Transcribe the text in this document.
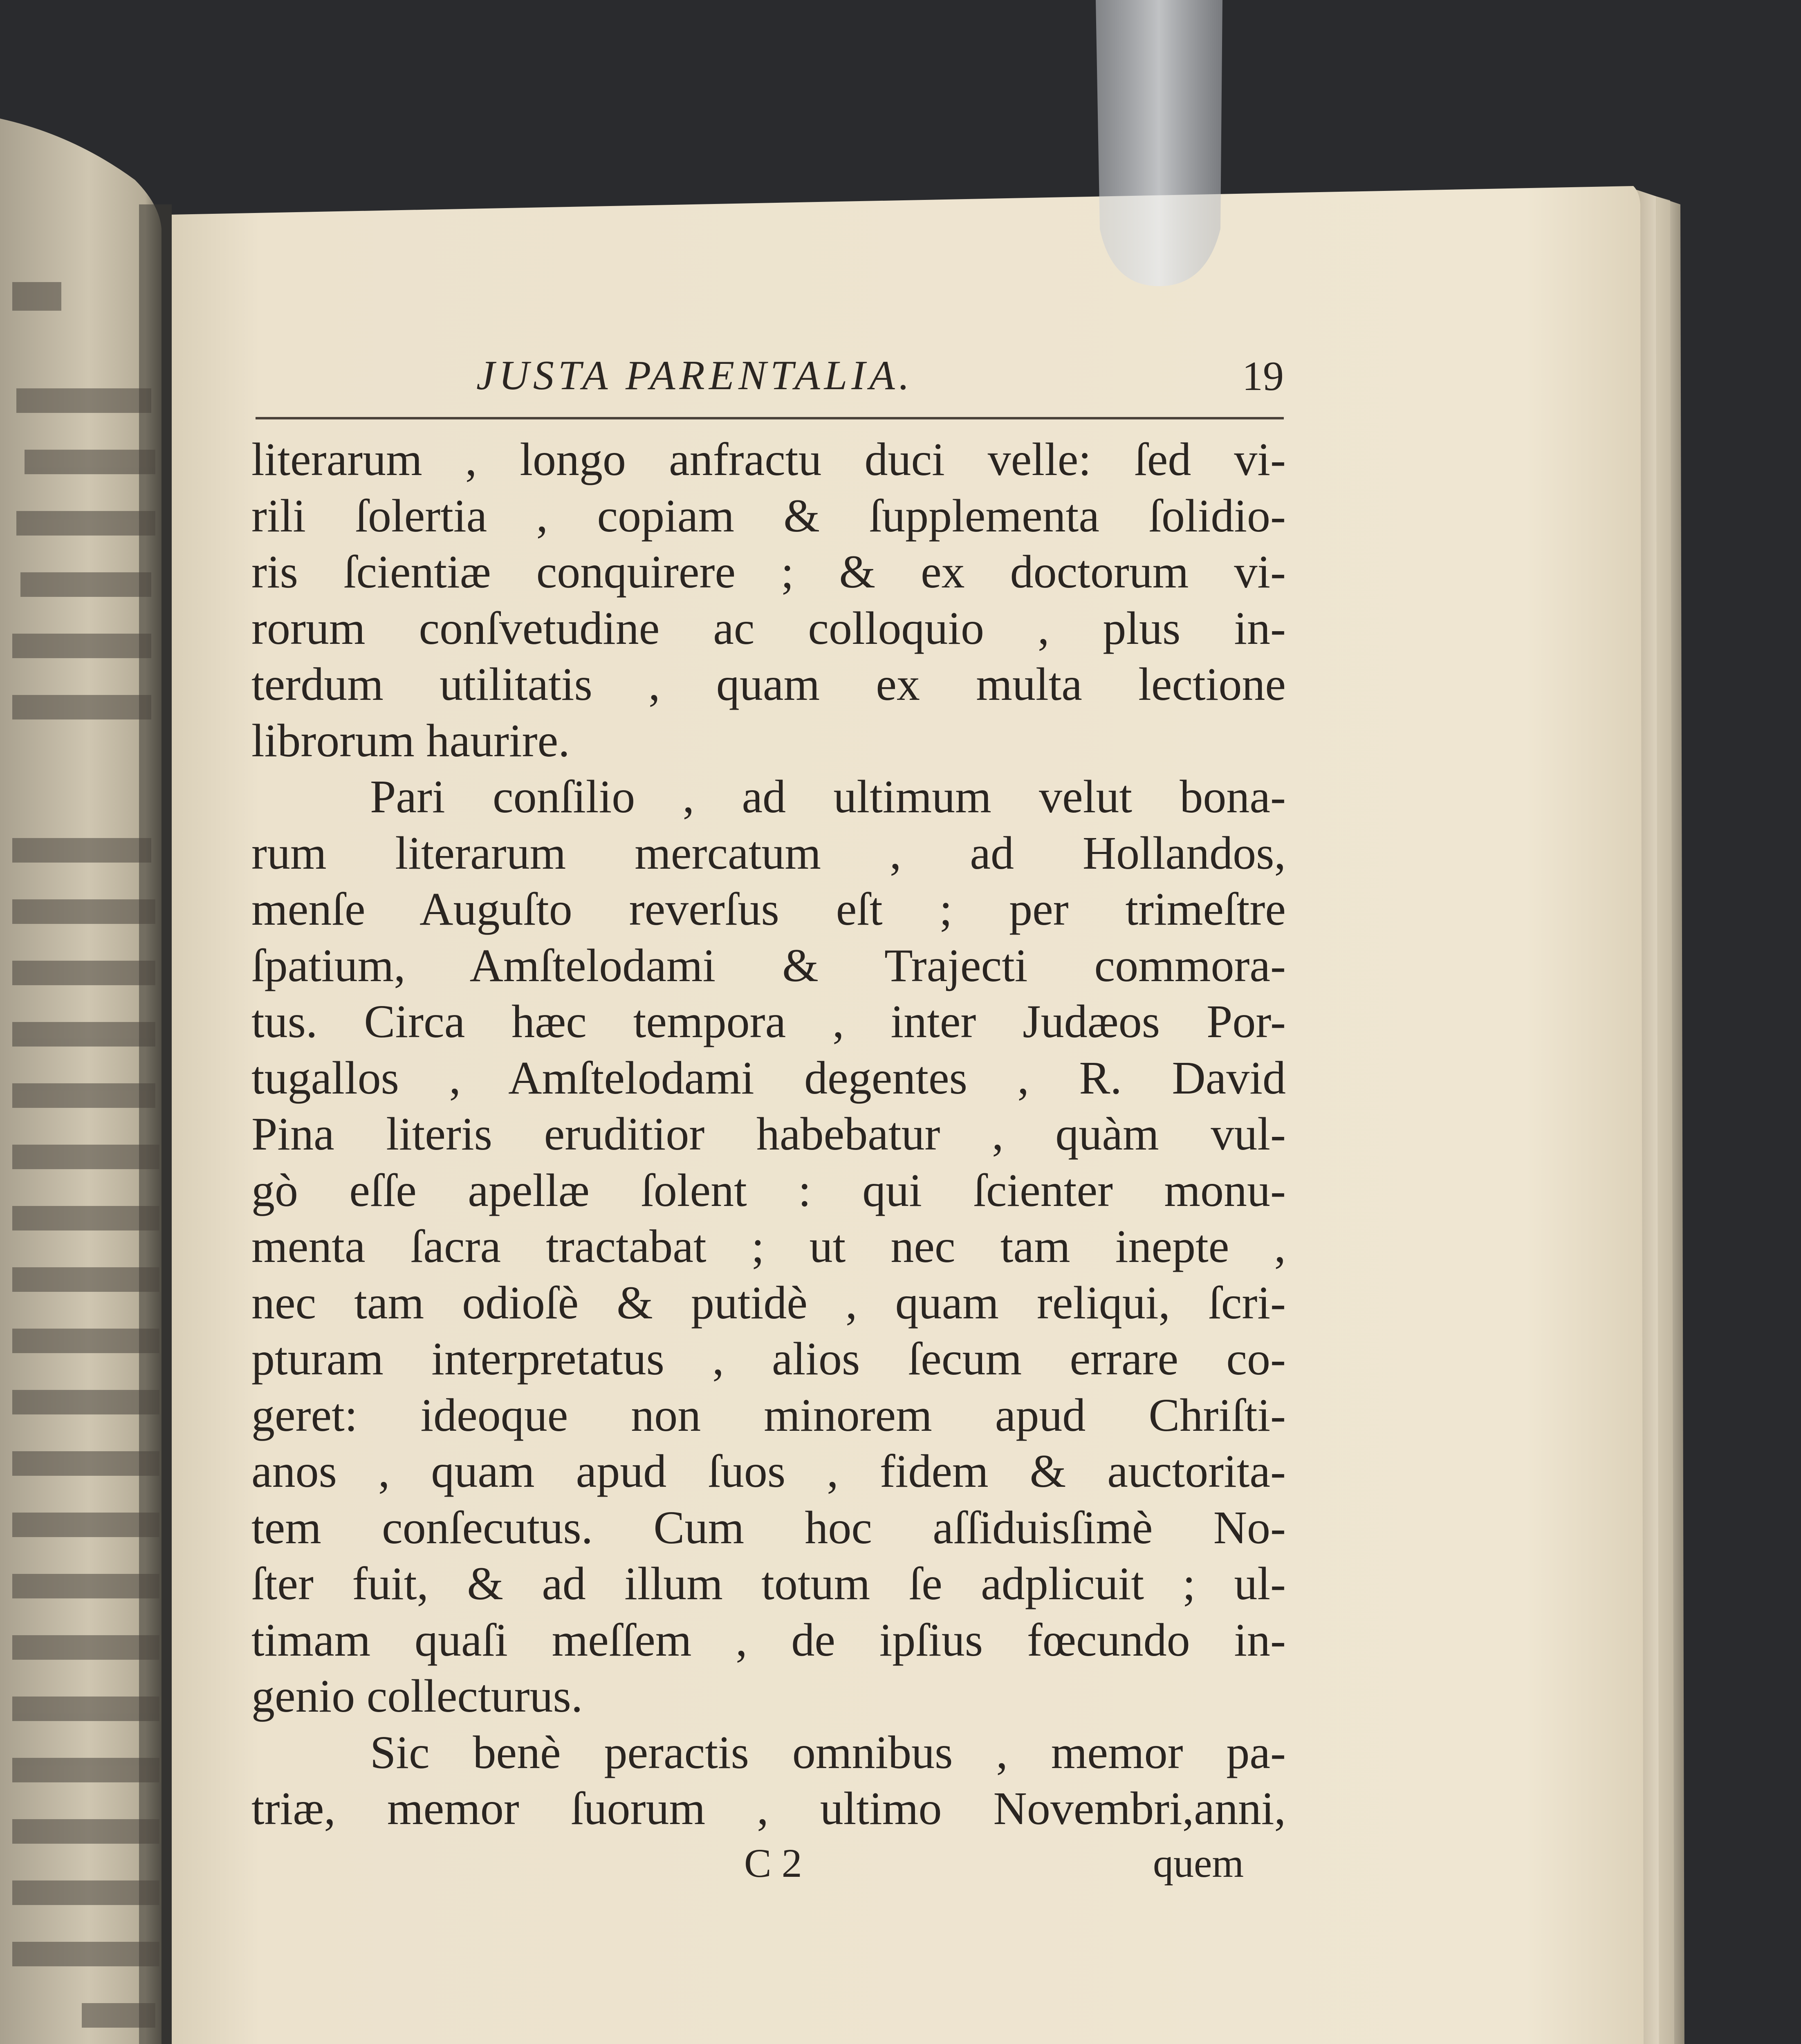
JUSTA PARENTALIA.	19
literarum , longo anfractu duci velle: ſed vi-
rili ſolertia , copiam & ſupplementa ſolidio-
ris ſcientiæ conquirere ; & ex doctorum vi-
rorum conſvetudine ac colloquio , plus in-
terdum utilitatis , quam ex multa lectione
librorum haurire.
Pari conſilio , ad ultimum velut bona-
rum literarum mercatum , ad Hollandos,
menſe Auguſto reverſus eſt ; per trimeſtre
ſpatium, Amſtelodami & Trajecti commora-
tus. Circa hæc tempora , inter Judæos Por-
tugallos , Amſtelodami degentes , R. David
Pina literis eruditior habebatur , quàm vul-
gò eſſe apellæ ſolent : qui ſcienter monu-
menta ſacra tractabat ; ut nec tam inepte ,
nec tam odioſè & putidè , quam reliqui, ſcri-
pturam interpretatus , alios ſecum errare co-
geret: ideoque non minorem apud Chriſti-
anos , quam apud ſuos , fidem & auctorita-
tem conſecutus. Cum hoc aſſiduisſimè No-
ſter fuit, & ad illum totum ſe adplicuit ; ul-
timam quaſi meſſem , de ipſius fœcundo in-
genio collecturus.
Sic benè peractis omnibus , memor pa-
triæ, memor ſuorum , ultimo Novembri,anni,

C 2	quem
